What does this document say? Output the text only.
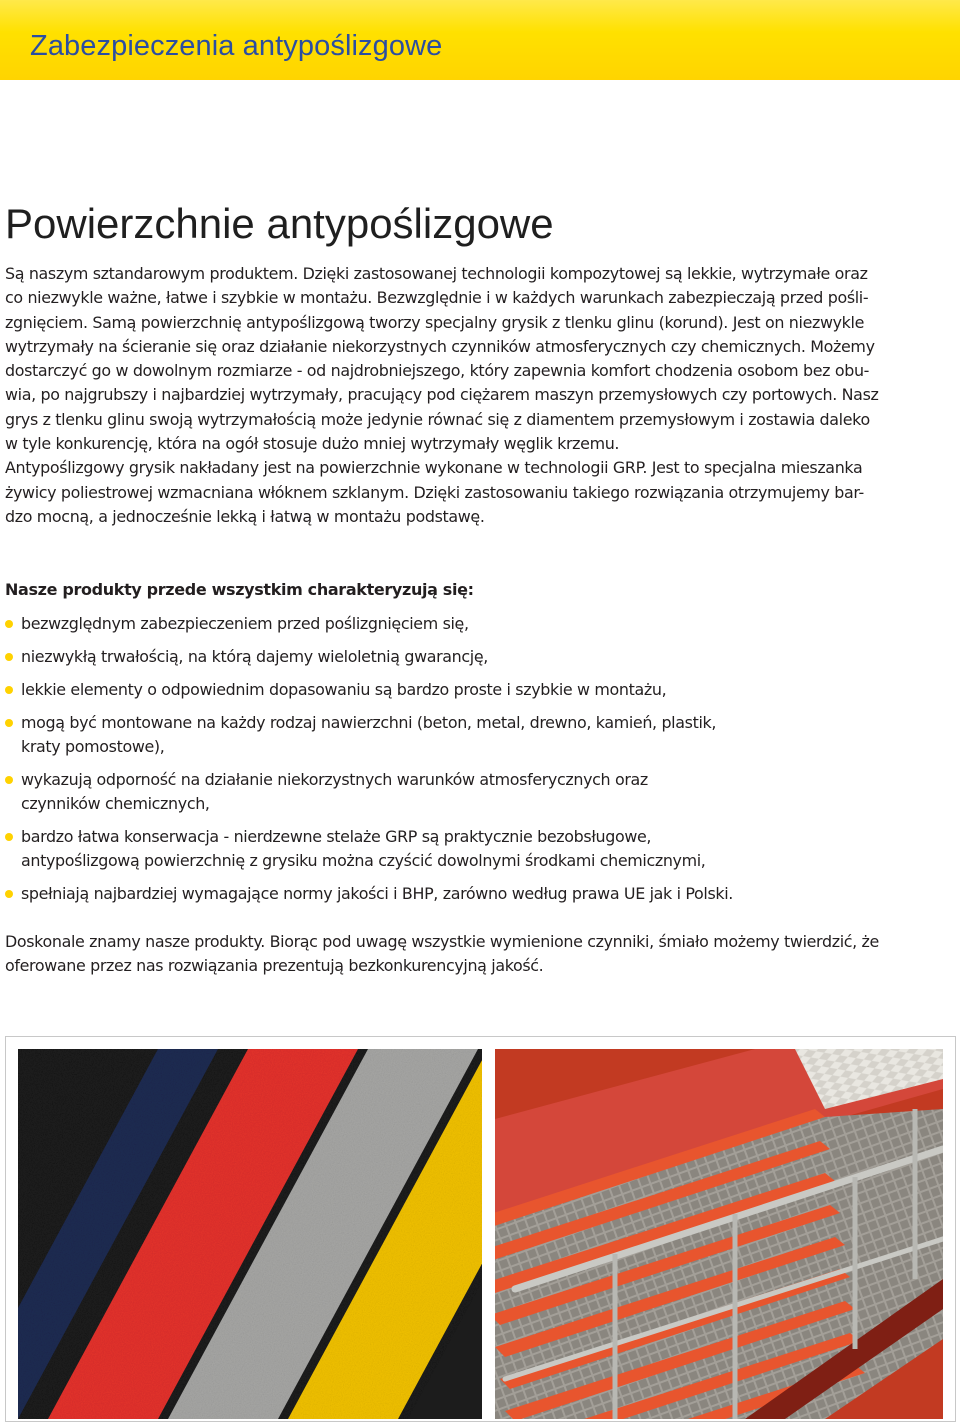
Zabezpieczenia antypoślizgowe
Powierzchnie antypoślizgowe
Są naszym sztandarowym produktem. Dzięki zastosowanej technologii kompozytowej są lekkie, wytrzymałe oraz
co niezwykle ważne, łatwe i szybkie w montażu. Bezwzględnie i w każdych warunkach zabezpieczają przed pośli-
zgnięciem. Samą powierzchnię antypoślizgową tworzy specjalny grysik z tlenku glinu (korund). Jest on niezwykle
wytrzymały na ścieranie się oraz działanie niekorzystnych czynników atmosferycznych czy chemicznych. Możemy
dostarczyć go w dowolnym rozmiarze - od najdrobniejszego, który zapewnia komfort chodzenia osobom bez obu-
wia, po najgrubszy i najbardziej wytrzymały, pracujący pod ciężarem maszyn przemysłowych czy portowych. Nasz
grys z tlenku glinu swoją wytrzymałością może jedynie równać się z diamentem przemysłowym i zostawia daleko
w tyle konkurencję, która na ogół stosuje dużo mniej wytrzymały węglik krzemu.
Antypoślizgowy grysik nakładany jest na powierzchnie wykonane w technologii GRP. Jest to specjalna mieszanka
żywicy poliestrowej wzmacniana włóknem szklanym. Dzięki zastosowaniu takiego rozwiązania otrzymujemy bar-
dzo mocną, a jednocześnie lekką i łatwą w montażu podstawę.
Nasze produkty przede wszystkim charakteryzują się:
bezwzględnym zabezpieczeniem przed poślizgnięciem się,
niezwykłą trwałością, na którą dajemy wieloletnią gwarancję,
lekkie elementy o odpowiednim dopasowaniu są bardzo proste i szybkie w montażu,
mogą być montowane na każdy rodzaj nawierzchni (beton, metal, drewno, kamień, plastik,
kraty pomostowe),
wykazują odporność na działanie niekorzystnych warunków atmosferycznych oraz
czynników chemicznych,
bardzo łatwa konserwacja - nierdzewne stelaże GRP są praktycznie bezobsługowe,
antypoślizgową powierzchnię z grysiku można czyścić dowolnymi środkami chemicznymi,
spełniają najbardziej wymagające normy jakości i BHP, zarówno według prawa UE jak i Polski.
Doskonale znamy nasze produkty. Biorąc pod uwagę wszystkie wymienione czynniki, śmiało możemy twierdzić, że
oferowane przez nas rozwiązania prezentują bezkonkurencyjną jakość.
